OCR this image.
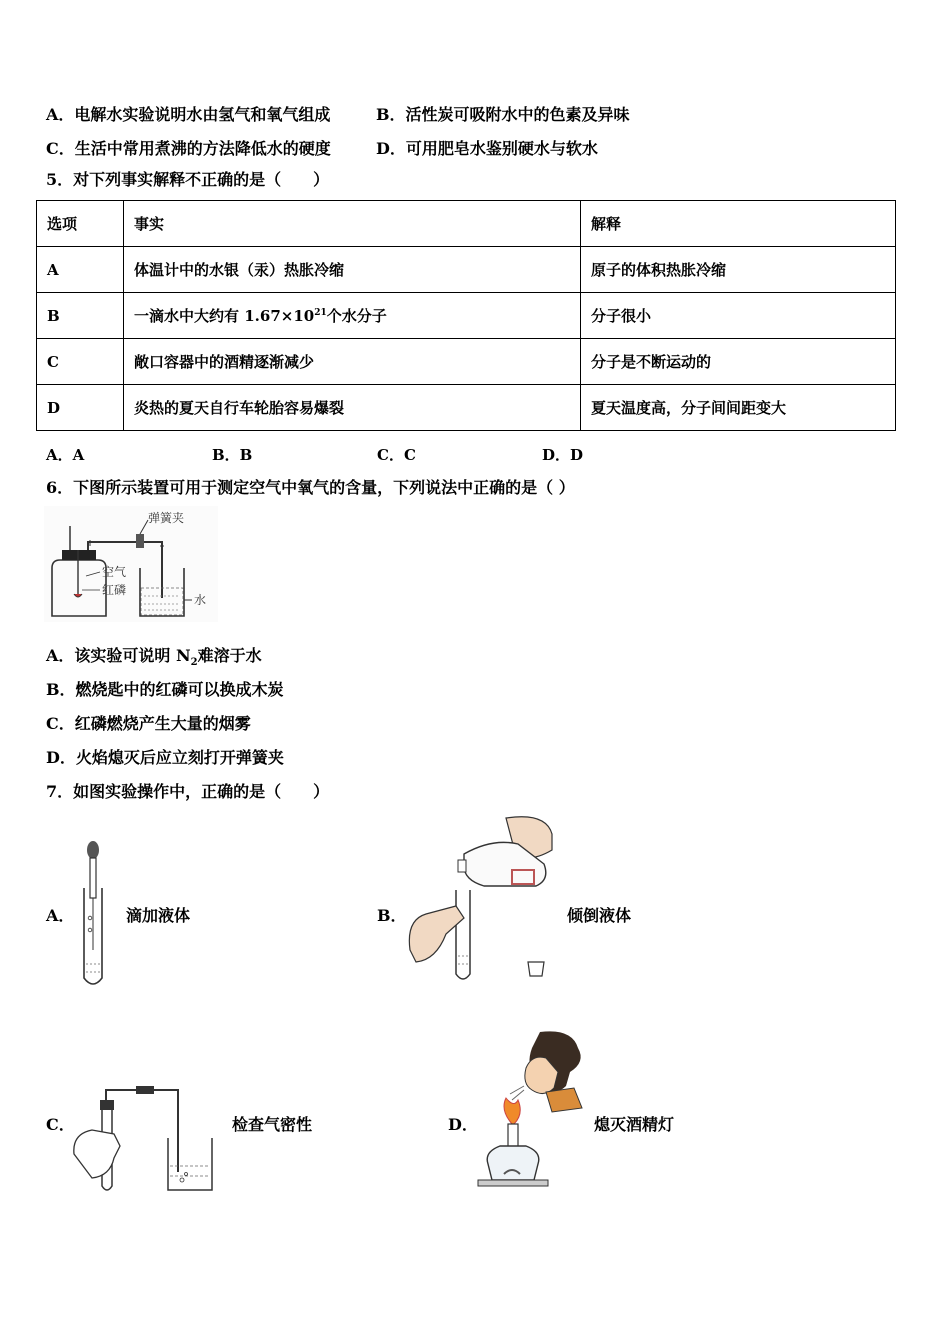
A．电解水实验说明水由氢气和氧气组成	B．活性炭可吸附水中的色素及异味
C．生活中常用煮沸的方法降低水的硬度	D．可用肥皂水鉴别硬水与软水
5．对下列事实解释不正确的是（　　）
选项	事实	解释
A	体温计中的水银（汞）热胀冷缩	原子的体积热胀冷缩
B	一滴水中大约有 $1.67\times 10^{21}$个水分子	分子很小
C	敞口容器中的酒精逐渐减少	分子是不断运动的
D	炎热的夏天自行车轮胎容易爆裂	夏天温度高，分子间间距变大
A．A	B．B	C．C	D．D
6．下图所示装置可用于测定空气中氧气的含量，下列说法中正确的是（ ）
弹簧夹
空气
红磷
水
A．该实验可说明 $N_2$难溶于水
B．燃烧匙中的红磷可以换成木炭
C．红磷燃烧产生大量的烟雾
D．火焰熄灭后应立刻打开弹簧夹
7．如图实验操作中，正确的是（　　）
A．	滴加液体	B．	倾倒液体
C．	检查气密性	D．	熄灭酒精灯
